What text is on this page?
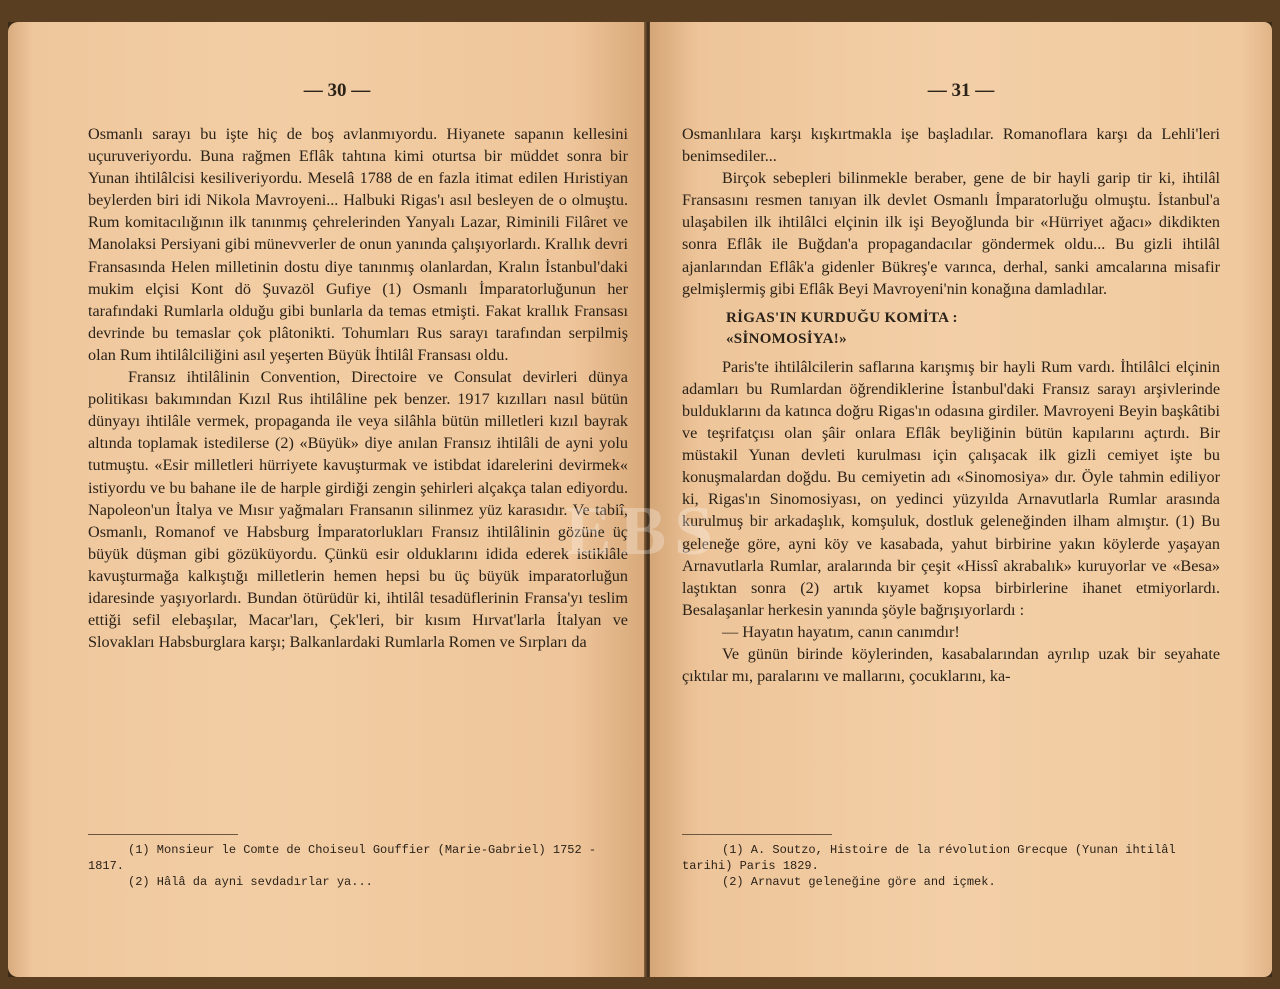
— 30 —

Osmanlı sarayı bu işte hiç de boş avlanmıyordu. Hiyanete sapanın kellesini uçuruveriyordu. Buna rağmen Eflâk tahtına kimi oturtsa bir müddet sonra bir Yunan ihtilâlcisi kesiliveriyordu. Meselâ 1788 de en fazla itimat edilen Hıristiyan beylerden biri idi Nikola Mavroyeni... Halbuki Rigas'ı asıl besleyen de o olmuştu. Rum komitacılığının ilk tanınmış çehrelerinden Yanyalı Lazar, Riminili Filâret ve Manolaksi Persiyani gibi münevverler de onun yanında çalışıyorlardı. Krallık devri Fransasında Helen milletinin dostu diye tanınmış olanlardan, Kralın İstanbul'daki mukim elçisi Kont dö Şuvazöl Gufiye (1) Osmanlı İmparatorluğunun her tarafındaki Rumlarla olduğu gibi bunlarla da temas etmişti. Fakat krallık Fransası devrinde bu temaslar çok plâtonikti. Tohumları Rus sarayı tarafından serpilmiş olan Rum ihtilâlciliğini asıl yeşerten Büyük İhtilâl Fransası oldu.

Fransız ihtilâlinin Convention, Directoire ve Consulat devirleri dünya politikası bakımından Kızıl Rus ihtilâline pek benzer. 1917 kızılları nasıl bütün dünyayı ihtilâle vermek, propaganda ile veya silâhla bütün milletleri kızıl bayrak altında toplamak istedilerse (2) «Büyük» diye anılan Fransız ihtilâli de ayni yolu tutmuştu. «Esir milletleri hürriyete kavuşturmak ve istibdat idarelerini devirmek« istiyordu ve bu bahane ile de harple girdiği zengin şehirleri alçakça talan ediyordu. Napoleon'un İtalya ve Mısır yağmaları Fransanın silinmez yüz karasıdır. Ve tabiî, Osmanlı, Romanof ve Habsburg İmparatorlukları Fransız ihtilâlinin gözüne üç büyük düşman gibi gözüküyordu. Çünkü esir olduklarını idida ederek istiklâle kavuşturmağa kalkıştığı milletlerin hemen hepsi bu üç büyük imparatorluğun idaresinde yaşıyorlardı. Bundan ötürüdür ki, ihtilâl tesadüflerinin Fransa'yı teslim ettiği sefil elebaşılar, Macar'ları, Çek'leri, bir kısım Hırvat'larla İtalyan ve Slovakları Habsburglara karşı; Balkanlardaki Rumlarla Romen ve Sırpları da

(1) Monsieur le Comte de Choiseul Gouffier (Marie-Gabriel) 1752 - 1817.

(2) Hâlâ da ayni sevdadırlar ya...

— 31 —

Osmanlılara karşı kışkırtmakla işe başladılar. Romanoflara karşı da Lehli'leri benimsediler...

Birçok sebepleri bilinmekle beraber, gene de bir hayli garip tir ki, ihtilâl Fransasını resmen tanıyan ilk devlet Osmanlı İmparatorluğu olmuştu. İstanbul'a ulaşabilen ilk ihtilâlci elçinin ilk işi Beyoğlunda bir «Hürriyet ağacı» dikdikten sonra Eflâk ile Buğdan'a propagandacılar göndermek oldu... Bu gizli ihtilâl ajanlarından Eflâk'a gidenler Bükreş'e varınca, derhal, sanki amcalarına misafir gelmişlermiş gibi Eflâk Beyi Mavroyeni'nin konağına damladılar.

RİGAS'IN KURDUĞU KOMİTA :
«SİNOMOSİYA!»

Paris'te ihtilâlcilerin saflarına karışmış bir hayli Rum vardı. İhtilâlci elçinin adamları bu Rumlardan öğrendiklerine İstanbul'daki Fransız sarayı arşivlerinde bulduklarını da katınca doğru Rigas'ın odasına girdiler. Mavroyeni Beyin başkâtibi ve teşrifatçısı olan şâir onlara Eflâk beyliğinin bütün kapılarını açtırdı. Bir müstakil Yunan devleti kurulması için çalışacak ilk gizli cemiyet işte bu konuşmalardan doğdu. Bu cemiyetin adı «Sinomosiya» dır. Öyle tahmin ediliyor ki, Rigas'ın Sinomosiyası, on yedinci yüzyılda Arnavutlarla Rumlar arasında kurulmuş bir arkadaşlık, komşuluk, dostluk geleneğinden ilham almıştır. (1) Bu geleneğe göre, ayni köy ve kasabada, yahut birbirine yakın köylerde yaşayan Arnavutlarla Rumlar, aralarında bir çeşit «Hissî akrabalık» kuruyorlar ve «Besa» laştıktan sonra (2) artık kıyamet kopsa birbirlerine ihanet etmiyorlardı. Besalaşanlar herkesin yanında şöyle bağrışıyorlardı :

— Hayatın hayatım, canın canımdır!

Ve günün birinde köylerinden, kasabalarından ayrılıp uzak bir seyahate çıktılar mı, paralarını ve mallarını, çocuklarını, ka-

(1) A. Soutzo, Histoire de la révolution Grecque (Yunan ihtilâl tarihi) Paris 1829.

(2) Arnavut geleneğine göre and içmek.

EBS
